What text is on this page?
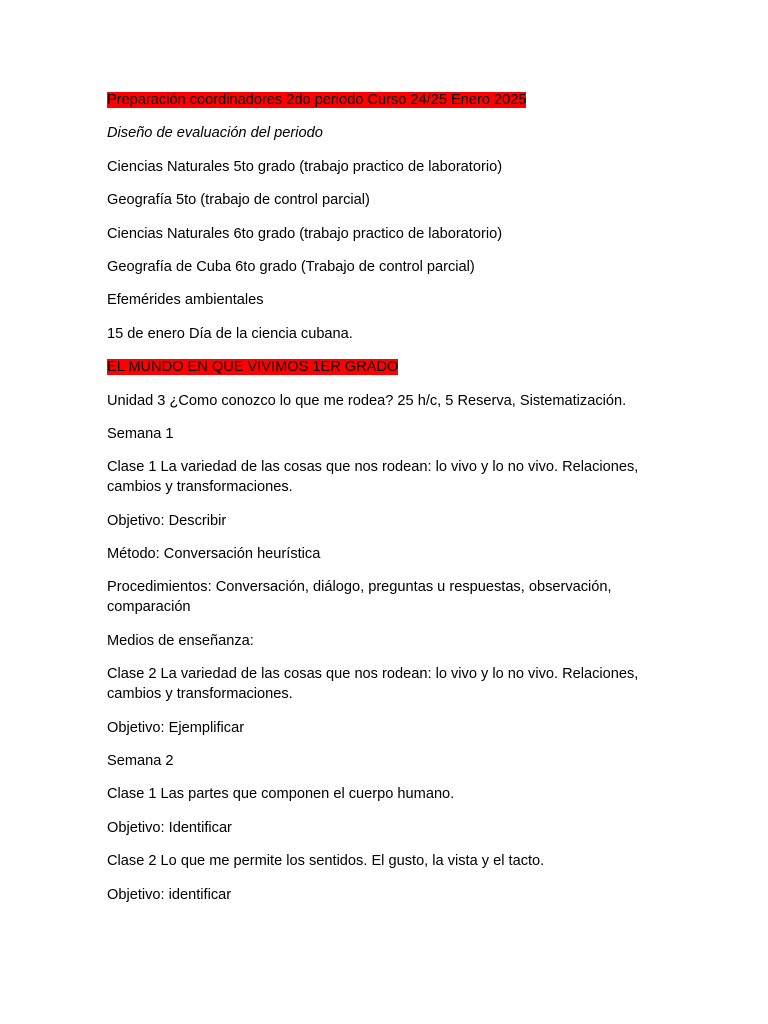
Preparación coordinadores 2do periodo Curso 24/25 Enero 2025

Diseño de evaluación del periodo

Ciencias Naturales 5to grado (trabajo practico de laboratorio)

Geografía 5to (trabajo de control parcial)

Ciencias Naturales 6to grado (trabajo practico de laboratorio)

Geografía de Cuba 6to grado (Trabajo de control parcial)

Efemérides ambientales

15 de enero Día de la ciencia cubana.

EL MUNDO EN QUE VIVIMOS 1ER GRADO

Unidad 3 ¿Como conozco lo que me rodea? 25 h/c, 5 Reserva, Sistematización.

Semana 1

Clase 1 La variedad de las cosas que nos rodean: lo vivo y lo no vivo. Relaciones, cambios y transformaciones.

Objetivo: Describir

Método: Conversación heurística

Procedimientos: Conversación, diálogo, preguntas u respuestas, observación, comparación

Medios de enseñanza:

Clase 2 La variedad de las cosas que nos rodean: lo vivo y lo no vivo. Relaciones, cambios y transformaciones.

Objetivo: Ejemplificar

Semana 2

Clase 1 Las partes que componen el cuerpo humano.

Objetivo: Identificar

Clase 2 Lo que me permite los sentidos. El gusto, la vista y el tacto.

Objetivo: identificar
